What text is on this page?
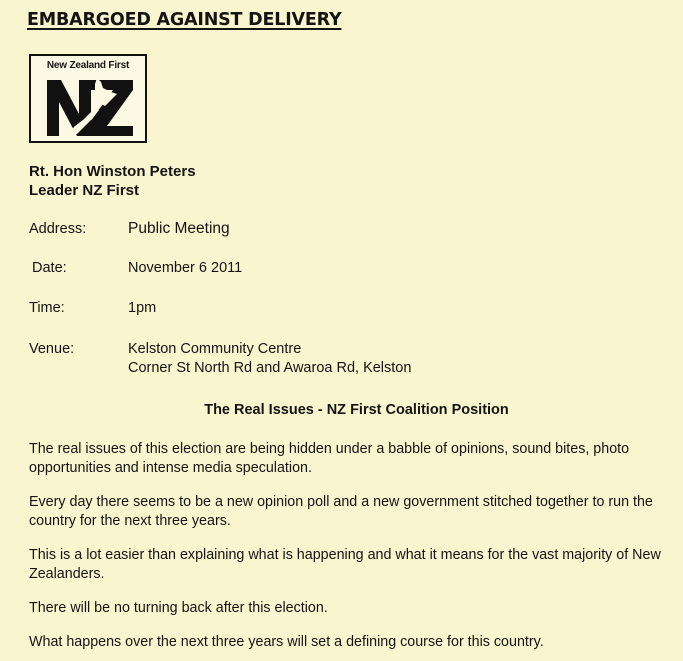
EMBARGOED AGAINST DELIVERY
New Zealand First
Rt. Hon Winston Peters
Leader NZ First
Address:	Public Meeting
Date:	November 6 2011
Time:	1pm
Venue:	Kelston Community Centre
Corner St North Rd and Awaroa Rd, Kelston
The Real Issues - NZ First Coalition Position

The real issues of this election are being hidden under a babble of opinions, sound bites, photo opportunities and intense media speculation.

Every day there seems to be a new opinion poll and a new government stitched together to run the country for the next three years.

This is a lot easier than explaining what is happening and what it means for the vast majority of New Zealanders.

There will be no turning back after this election.

What happens over the next three years will set a defining course for this country.
